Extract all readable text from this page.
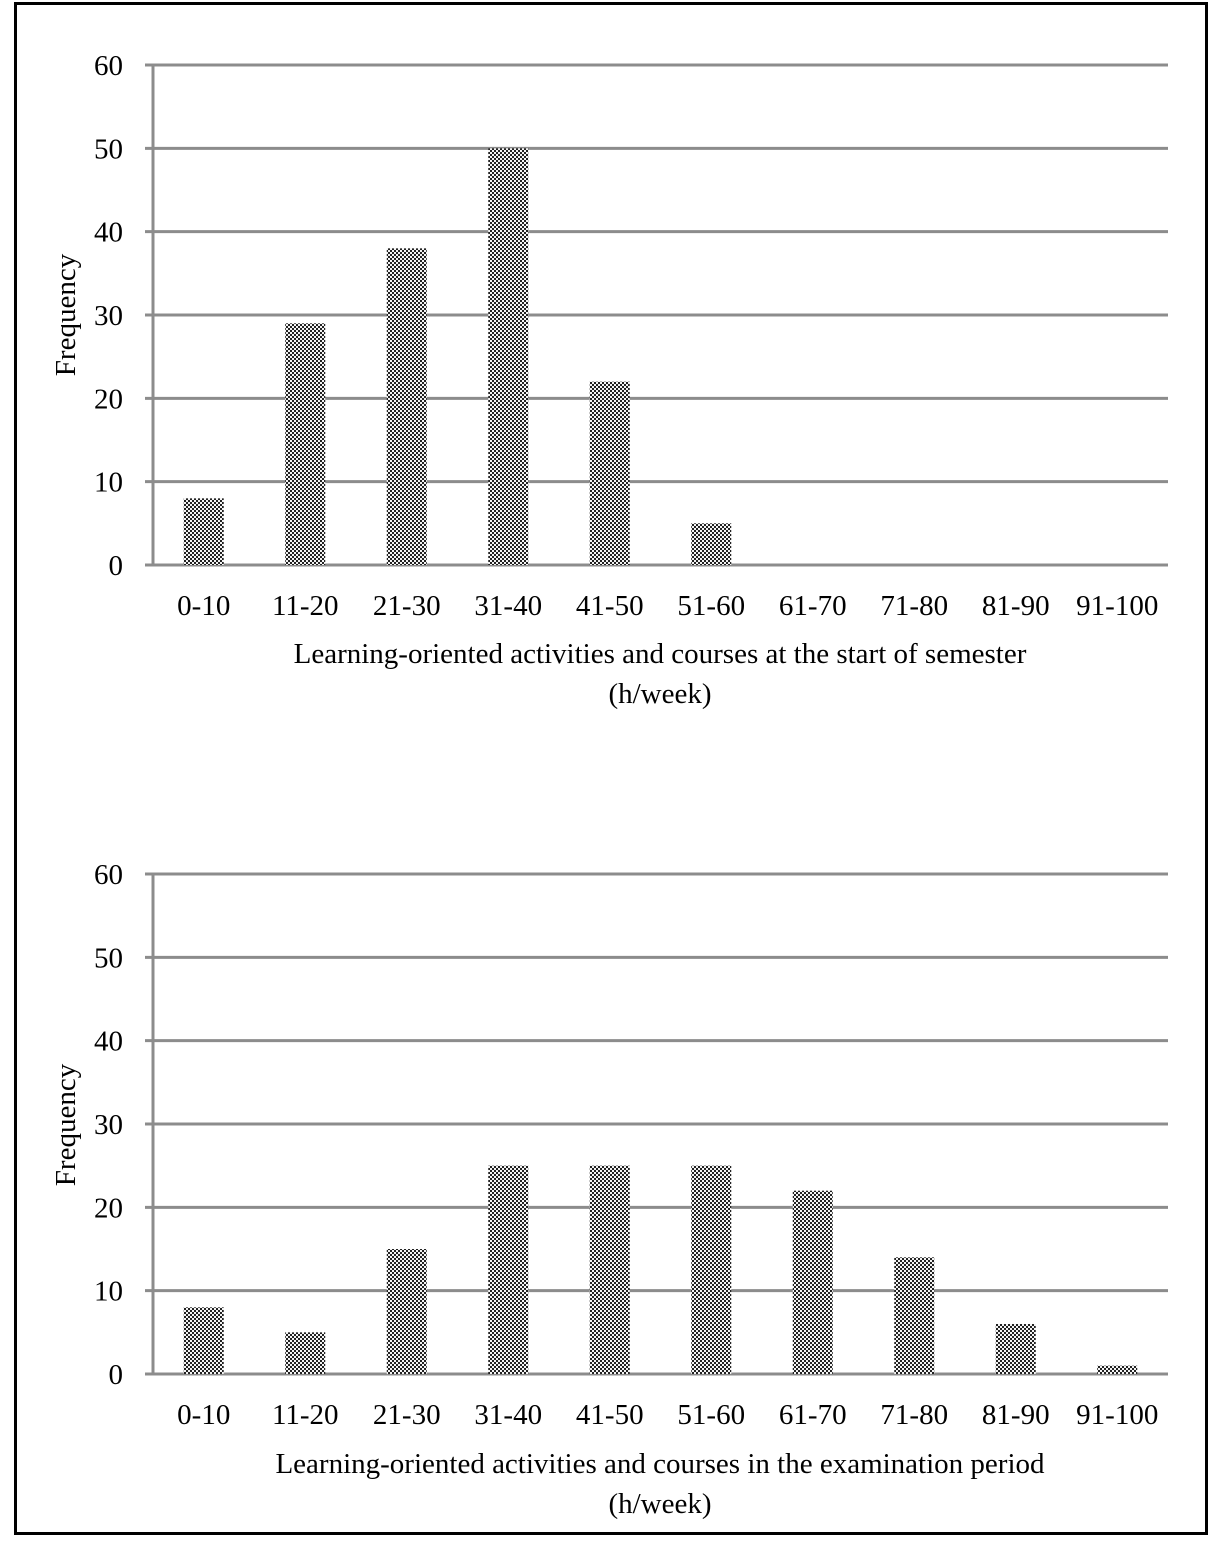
0
10
20
30
40
50
60
0-10 11-20 21-30 31-40 41-50 51-60 61-70 71-80 81-90 91-100
Frequency
Learning-oriented activities and courses at the start of semester
(h/week)
0
10
20
30
40
50
60
0-10 11-20 21-30 31-40 41-50 51-60 61-70 71-80 81-90 91-100
Frequency
Learning-oriented activities and courses in the examination period
(h/week)
